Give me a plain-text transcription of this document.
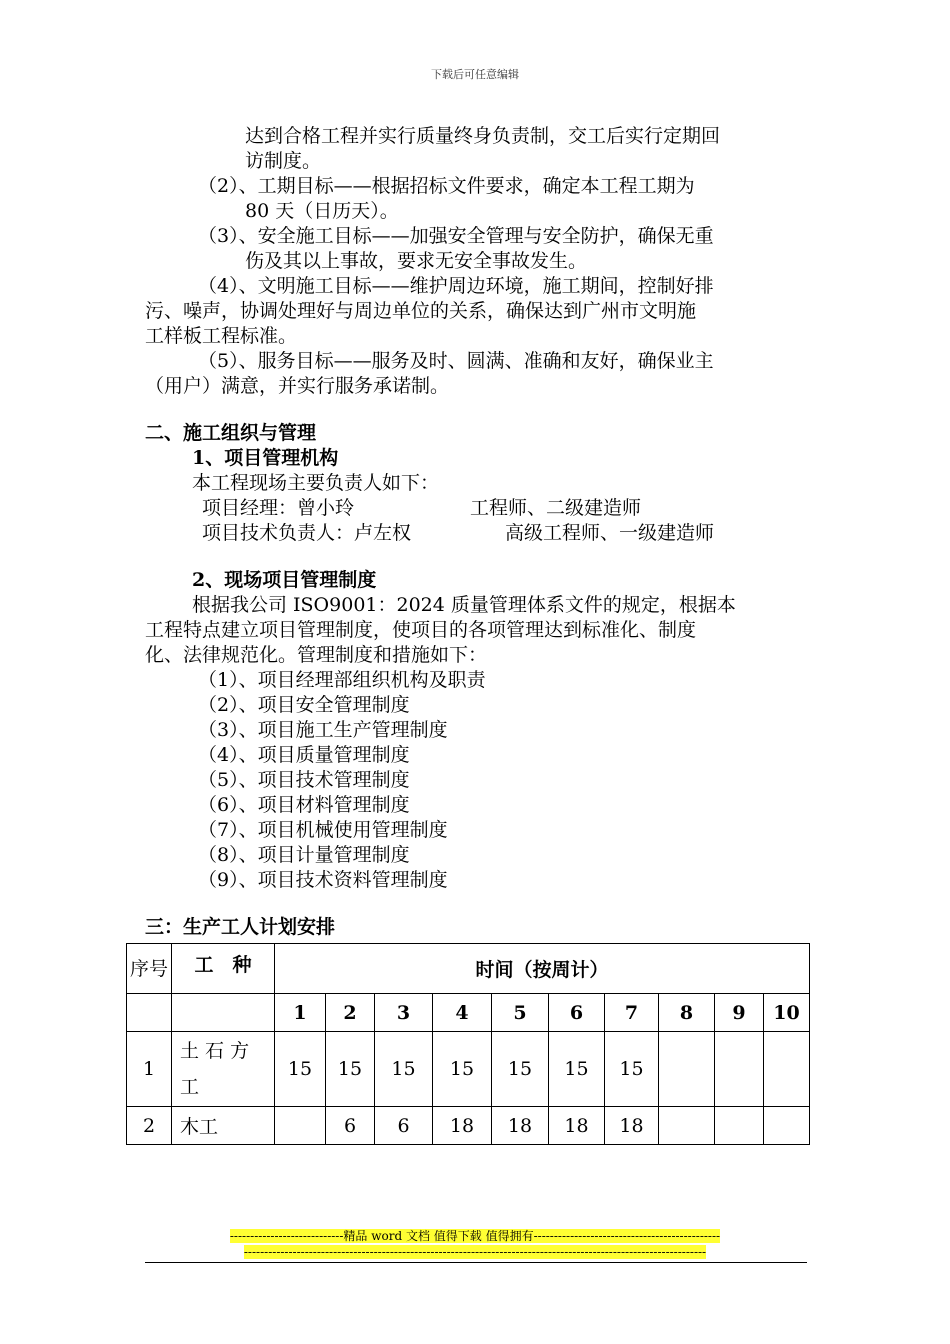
下载后可任意编辑
达到合格工程并实行质量终身负责制，交工后实行定期回
访制度。
（2）、工期目标——根据招标文件要求，确定本工程工期为
80 天（日历天）。
（3）、安全施工目标——加强安全管理与安全防护，确保无重
伤及其以上事故，要求无安全事故发生。
（4）、文明施工目标——维护周边环境，施工期间，控制好排
污、噪声，协调处理好与周边单位的关系，确保达到广州市文明施
工样板工程标准。
（5）、服务目标——服务及时、圆满、准确和友好，确保业主
（用户）满意，并实行服务承诺制。
二、施工组织与管理
1、项目管理机构
本工程现场主要负责人如下：
项目经理：曾小玲	工程师、二级建造师
项目技术负责人：卢左权	高级工程师、一级建造师
2、现场项目管理制度
根据我公司 ISO9001：2024 质量管理体系文件的规定，根据本
工程特点建立项目管理制度，使项目的各项管理达到标准化、制度
化、法律规范化。管理制度和措施如下：
（1）、项目经理部组织机构及职责
（2）、项目安全管理制度
（3）、项目施工生产管理制度
（4）、项目质量管理制度
（5）、项目技术管理制度
（6）、项目材料管理制度
（7）、项目机械使用管理制度
（8）、项目计量管理制度
（9）、项目技术资料管理制度
三：生产工人计划安排
序号	工　种	时间（按周计）									
		1	2	3	4	5	6	7	8	9	10
1	土 石 方 工	15	15	15	15	15	15	15			
2	木工		6	6	18	18	18	18			
----------------------------精品 word 文档 值得下载 值得拥有----------------------------------------------
------------------------------------------------------------------------------------------------------------------
